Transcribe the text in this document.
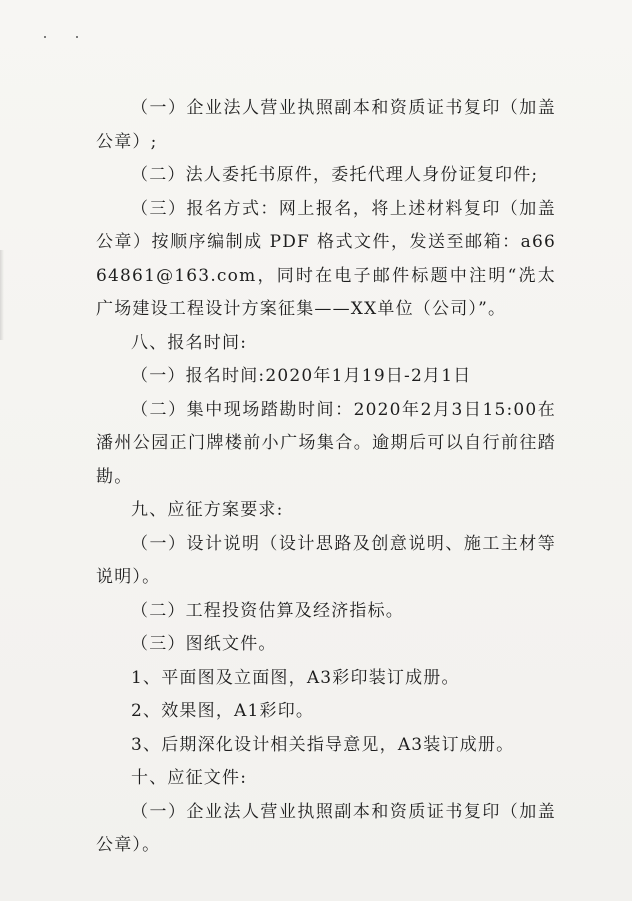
（一）企业法人营业执照副本和资质证书复印（加盖公章）;

（二）法人委托书原件，委托代理人身份证复印件;

（三）报名方式：网上报名，将上述材料复印（加盖公章）按顺序编制成 PDF 格式文件，发送至邮箱：a6664861@163.com，同时在电子邮件标题中注明“冼太广场建设工程设计方案征集——XX单位（公司）”。

八、报名时间:

（一）报名时间:2020年1月19日-2月1日

（二）集中现场踏勘时间：2020年2月3日15:00在潘州公园正门牌楼前小广场集合。逾期后可以自行前往踏勘。

九、应征方案要求:

（一）设计说明（设计思路及创意说明、施工主材等说明）。

（二）工程投资估算及经济指标。

（三）图纸文件。

1、平面图及立面图，A3彩印装订成册。

2、效果图，A1彩印。

3、后期深化设计相关指导意见，A3装订成册。

十、应征文件:

（一）企业法人营业执照副本和资质证书复印（加盖公章）。
